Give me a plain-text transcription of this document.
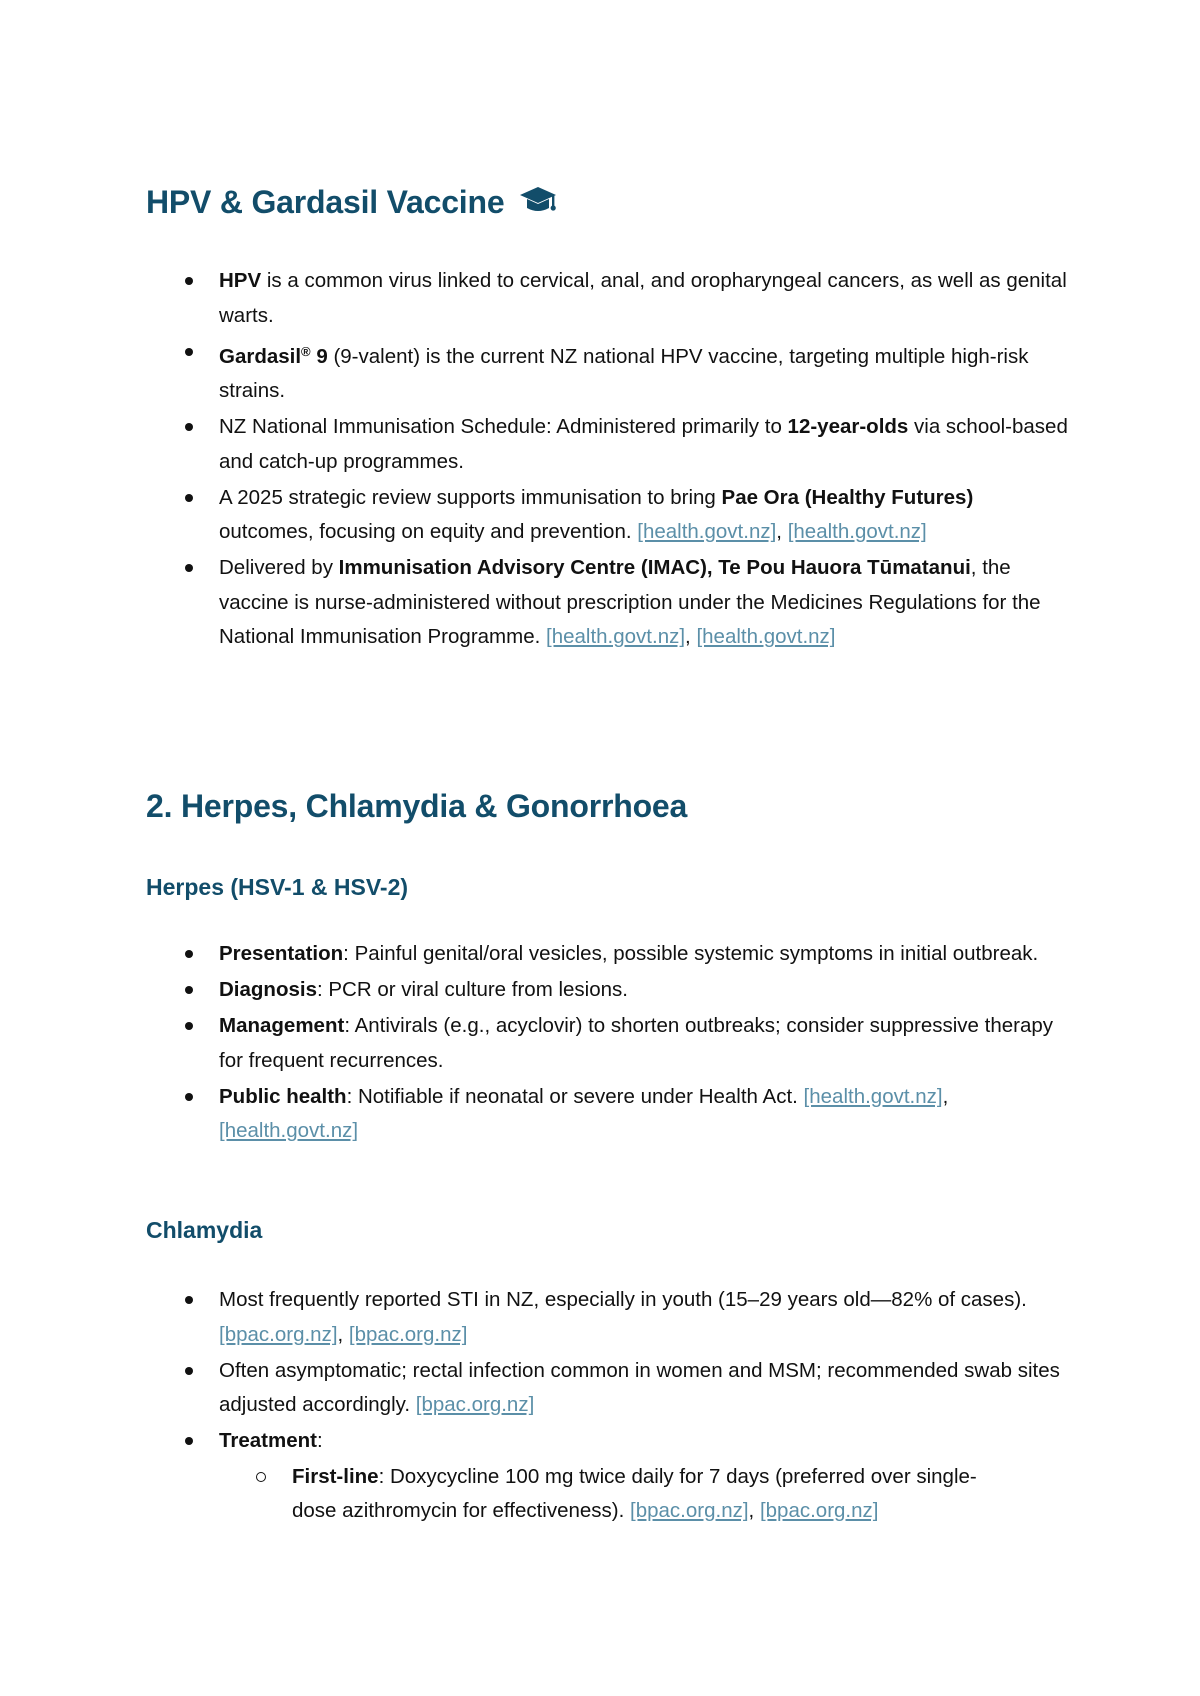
HPV & Gardasil Vaccine
HPV is a common virus linked to cervical, anal, and oropharyngeal cancers, as well as genital warts.
Gardasil® 9 (9-valent) is the current NZ national HPV vaccine, targeting multiple high-risk strains.
NZ National Immunisation Schedule: Administered primarily to 12-year-olds via school-based and catch-up programmes.
A 2025 strategic review supports immunisation to bring Pae Ora (Healthy Futures) outcomes, focusing on equity and prevention. [health.govt.nz], [health.govt.nz]
Delivered by Immunisation Advisory Centre (IMAC), Te Pou Hauora Tūmatanui, the vaccine is nurse-administered without prescription under the Medicines Regulations for the National Immunisation Programme. [health.govt.nz], [health.govt.nz]
2. Herpes, Chlamydia & Gonorrhoea
Herpes (HSV-1 & HSV-2)
Presentation: Painful genital/oral vesicles, possible systemic symptoms in initial outbreak.
Diagnosis: PCR or viral culture from lesions.
Management: Antivirals (e.g., acyclovir) to shorten outbreaks; consider suppressive therapy for frequent recurrences.
Public health: Notifiable if neonatal or severe under Health Act. [health.govt.nz], [health.govt.nz]
Chlamydia
Most frequently reported STI in NZ, especially in youth (15–29 years old—82% of cases). [bpac.org.nz], [bpac.org.nz]
Often asymptomatic; rectal infection common in women and MSM; recommended swab sites adjusted accordingly. [bpac.org.nz]
Treatment:
First-line: Doxycycline 100 mg twice daily for 7 days (preferred over single-dose azithromycin for effectiveness). [bpac.org.nz], [bpac.org.nz]
